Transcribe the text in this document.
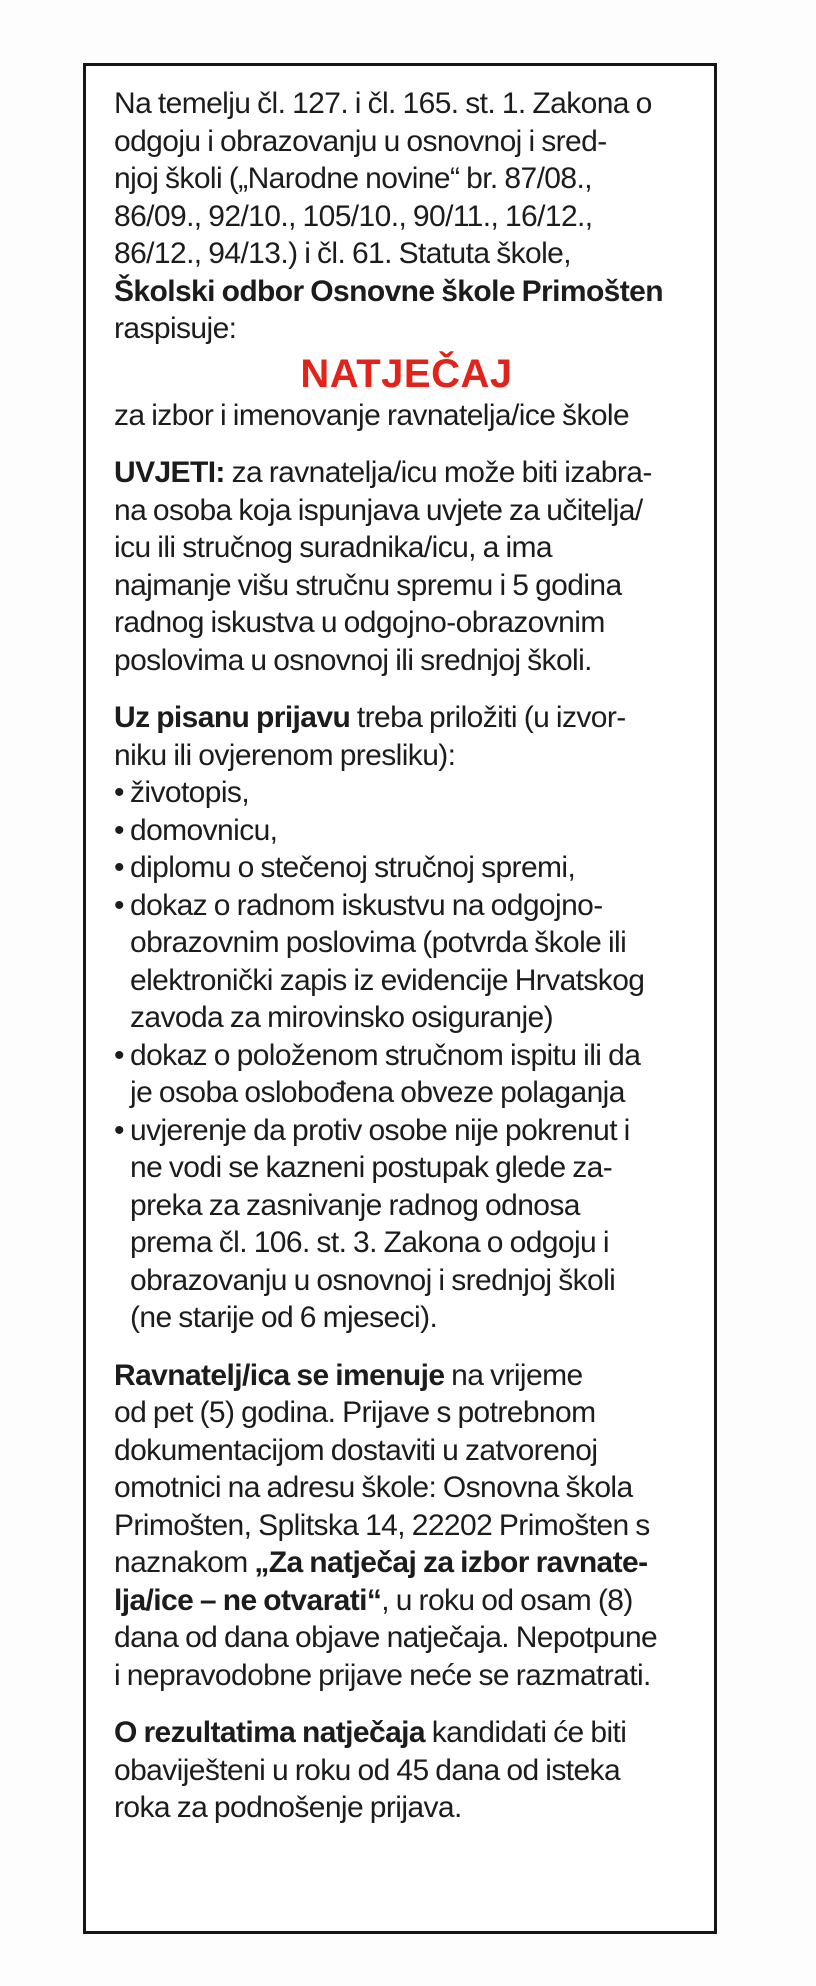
Na temelju čl. 127. i čl. 165. st. 1. Zakona o
odgoju i obrazovanju u osnovnoj i sred-
njoj školi („Narodne novine“ br. 87/08.,
86/09., 92/10., 105/10., 90/11., 16/12.,
86/12., 94/13.) i čl. 61. Statuta škole,
Školski odbor Osnovne škole Primošten
raspisuje:
NATJEČAJ
za izbor i imenovanje ravnatelja/ice škole
UVJETI: za ravnatelja/icu može biti izabra-
na osoba koja ispunjava uvjete za učitelja/
icu ili stručnog suradnika/icu, a ima
najmanje višu stručnu spremu i 5 godina
radnog iskustva u odgojno-obrazovnim
poslovima u osnovnoj ili srednjoj školi.
Uz pisanu prijavu treba priložiti (u izvor-
niku ili ovjerenom presliku):
• životopis,
• domovnicu,
• diplomu o stečenoj stručnoj spremi,
• dokaz o radnom iskustvu na odgojno-
obrazovnim poslovima (potvrda škole ili
elektronički zapis iz evidencije Hrvatskog
zavoda za mirovinsko osiguranje)
• dokaz o položenom stručnom ispitu ili da
je osoba oslobođena obveze polaganja
• uvjerenje da protiv osobe nije pokrenut i
ne vodi se kazneni postupak glede za-
preka za zasnivanje radnog odnosa
prema čl. 106. st. 3. Zakona o odgoju i
obrazovanju u osnovnoj i srednjoj školi
(ne starije od 6 mjeseci).
Ravnatelj/ica se imenuje na vrijeme
od pet (5) godina. Prijave s potrebnom
dokumentacijom dostaviti u zatvorenoj
omotnici na adresu škole: Osnovna škola
Primošten, Splitska 14, 22202 Primošten s
naznakom „Za natječaj za izbor ravnate-
lja/ice – ne otvarati“, u roku od osam (8)
dana od dana objave natječaja. Nepotpune
i nepravodobne prijave neće se razmatrati.
O rezultatima natječaja kandidati će biti
obaviješteni u roku od 45 dana od isteka
roka za podnošenje prijava.
